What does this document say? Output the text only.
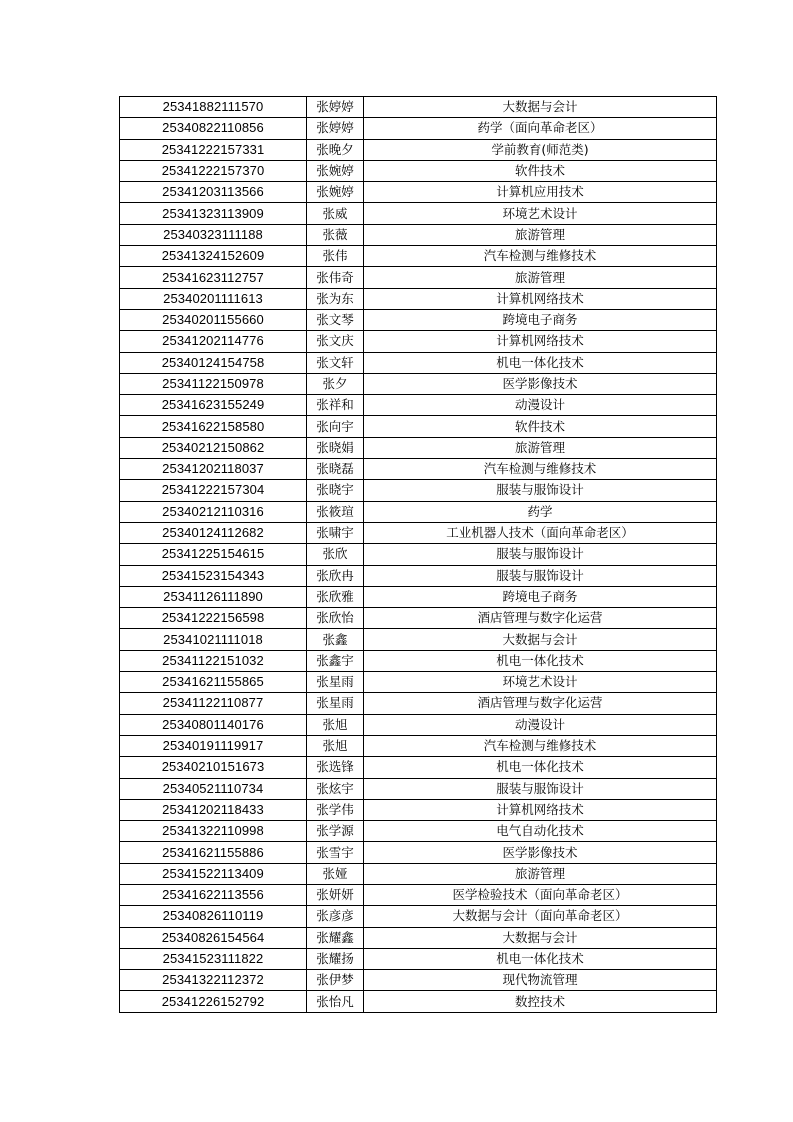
25341882111570	张婷婷	大数据与会计
25340822110856	张婷婷	药学（面向革命老区）
25341222157331	张晚夕	学前教育(师范类)
25341222157370	张婉婷	软件技术
25341203113566	张婉婷	计算机应用技术
25341323113909	张威	环境艺术设计
25340323111188	张薇	旅游管理
25341324152609	张伟	汽车检测与维修技术
25341623112757	张伟奇	旅游管理
25340201111613	张为东	计算机网络技术
25340201155660	张文琴	跨境电子商务
25341202114776	张文庆	计算机网络技术
25340124154758	张文轩	机电一体化技术
25341122150978	张夕	医学影像技术
25341623155249	张祥和	动漫设计
25341622158580	张向宇	软件技术
25340212150862	张晓娟	旅游管理
25341202118037	张晓磊	汽车检测与维修技术
25341222157304	张晓宇	服装与服饰设计
25340212110316	张筱瑄	药学
25340124112682	张啸宇	工业机器人技术（面向革命老区）
25341225154615	张欣	服装与服饰设计
25341523154343	张欣冉	服装与服饰设计
25341126111890	张欣雅	跨境电子商务
25341222156598	张欣怡	酒店管理与数字化运营
25341021111018	张鑫	大数据与会计
25341122151032	张鑫宇	机电一体化技术
25341621155865	张星雨	环境艺术设计
25341122110877	张星雨	酒店管理与数字化运营
25340801140176	张旭	动漫设计
25340191119917	张旭	汽车检测与维修技术
25340210151673	张选锋	机电一体化技术
25340521110734	张炫宇	服装与服饰设计
25341202118433	张学伟	计算机网络技术
25341322110998	张学源	电气自动化技术
25341621155886	张雪宇	医学影像技术
25341522113409	张娅	旅游管理
25341622113556	张妍妍	医学检验技术（面向革命老区）
25340826110119	张彦彦	大数据与会计（面向革命老区）
25340826154564	张耀鑫	大数据与会计
25341523111822	张耀扬	机电一体化技术
25341322112372	张伊梦	现代物流管理
25341226152792	张怡凡	数控技术
